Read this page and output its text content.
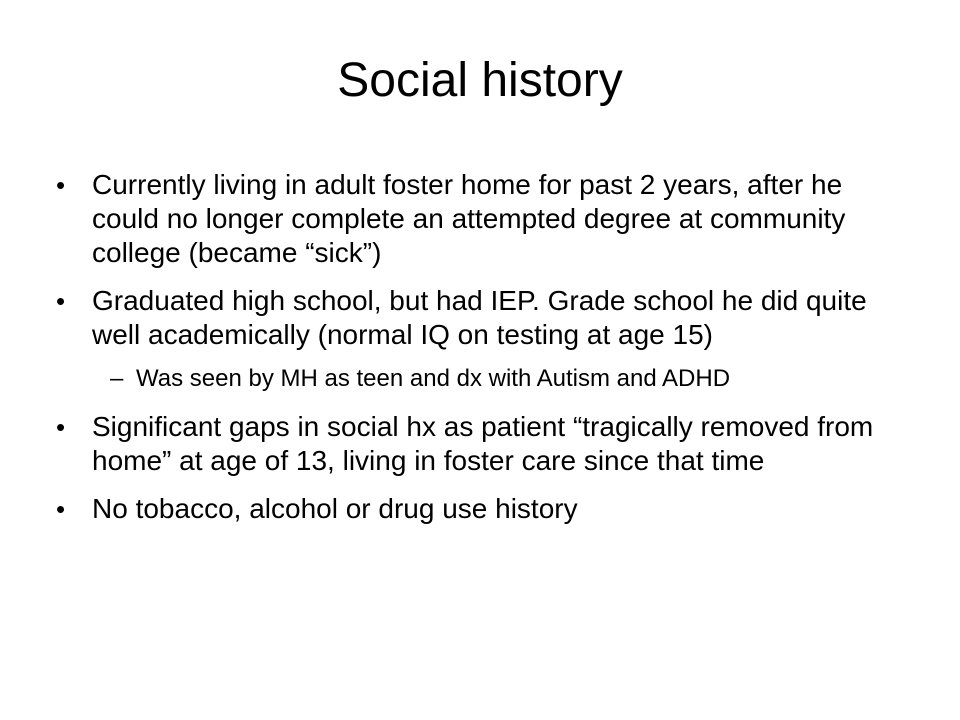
Social history
• Currently living in adult foster home for past 2 years, after he could no longer complete an attempted degree at community college (became “sick”)
• Graduated high school, but had IEP. Grade school he did quite well academically (normal IQ on testing at age 15)
– Was seen by MH as teen and dx with Autism and ADHD
• Significant gaps in social hx as patient “tragically removed from home” at age of 13, living in foster care since that time
• No tobacco, alcohol or drug use history
